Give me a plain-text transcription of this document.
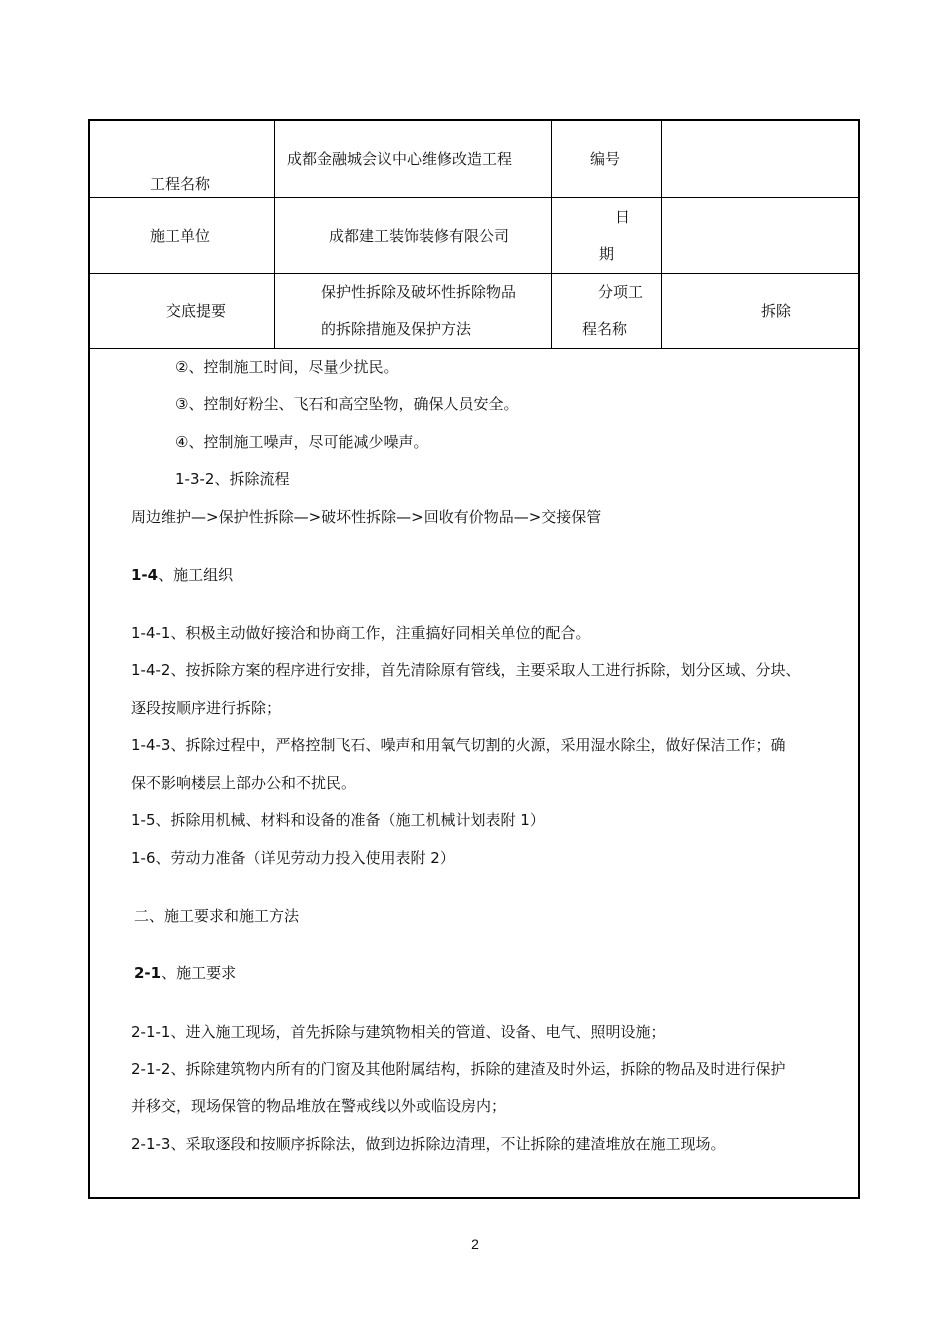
工程名称
成都金融城会议中心维修改造工程	编号
施工单位	成都建工装饰装修有限公司
日
期
交底提要
保护性拆除及破坏性拆除物品
的拆除措施及保护方法
分项工
程名称
拆除
②、控制施工时间，尽量少扰民。
③、控制好粉尘、飞石和高空坠物，确保人员安全。
④、控制施工噪声，尽可能减少噪声。
1-3-2、拆除流程
周边维护—>保护性拆除—>破坏性拆除—>回收有价物品—>交接保管
1-4、施工组织
1-4-1、积极主动做好接洽和协商工作，注重搞好同相关单位的配合。
1-4-2、按拆除方案的程序进行安排，首先清除原有管线，主要采取人工进行拆除，划分区域、分块、
逐段按顺序进行拆除；
1-4-3、拆除过程中，严格控制飞石、噪声和用氧气切割的火源，采用湿水除尘，做好保洁工作；确
保不影响楼层上部办公和不扰民。
1-5、拆除用机械、材料和设备的准备（施工机械计划表附 1）
1-6、劳动力准备（详见劳动力投入使用表附 2）
二、施工要求和施工方法
2-1、施工要求
2-1-1、进入施工现场，首先拆除与建筑物相关的管道、设备、电气、照明设施；
2-1-2、拆除建筑物内所有的门窗及其他附属结构，拆除的建渣及时外运，拆除的物品及时进行保护
并移交，现场保管的物品堆放在警戒线以外或临设房内；
2-1-3、采取逐段和按顺序拆除法，做到边拆除边清理，不让拆除的建渣堆放在施工现场。
2
